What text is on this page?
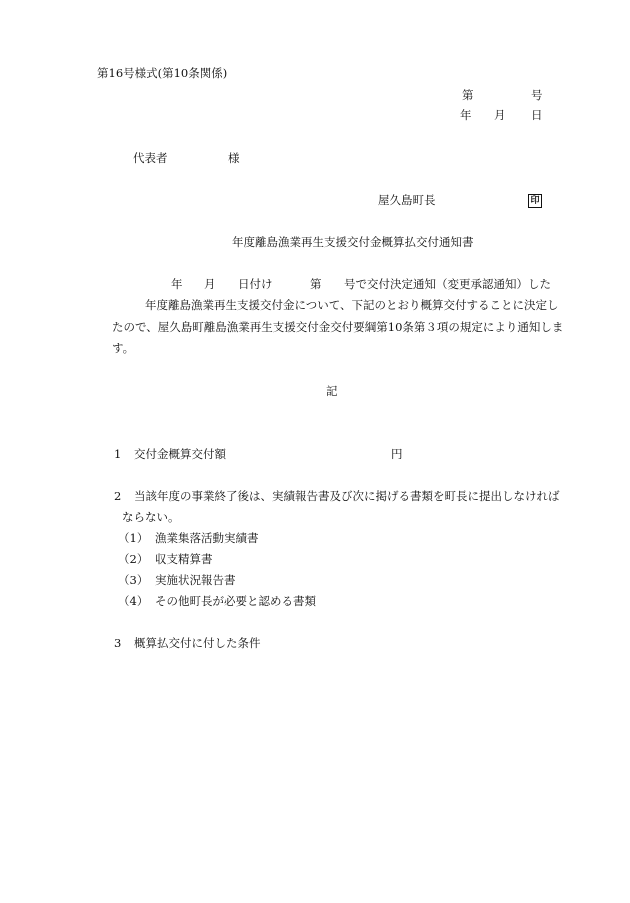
第16号様式(第10条関係)
第	号
年 月 日
代表者	様
屋久島町長	印
年度離島漁業再生支援交付金概算払交付通知書
年 月 日付け	第 号で交付決定通知（変更承認通知）した
年度離島漁業再生支援交付金について、下記のとおり概算交付することに決定し
たので、屋久島町離島漁業再生支援交付金交付要綱第10条第３項の規定により通知しま
す。
記
1 交付金概算交付額	円
2 当該年度の事業終了後は、実績報告書及び次に掲げる書類を町長に提出しなければ
ならない。
（1） 漁業集落活動実績書
（2） 収支精算書
（3） 実施状況報告書
（4） その他町長が必要と認める書類
3 概算払交付に付した条件
